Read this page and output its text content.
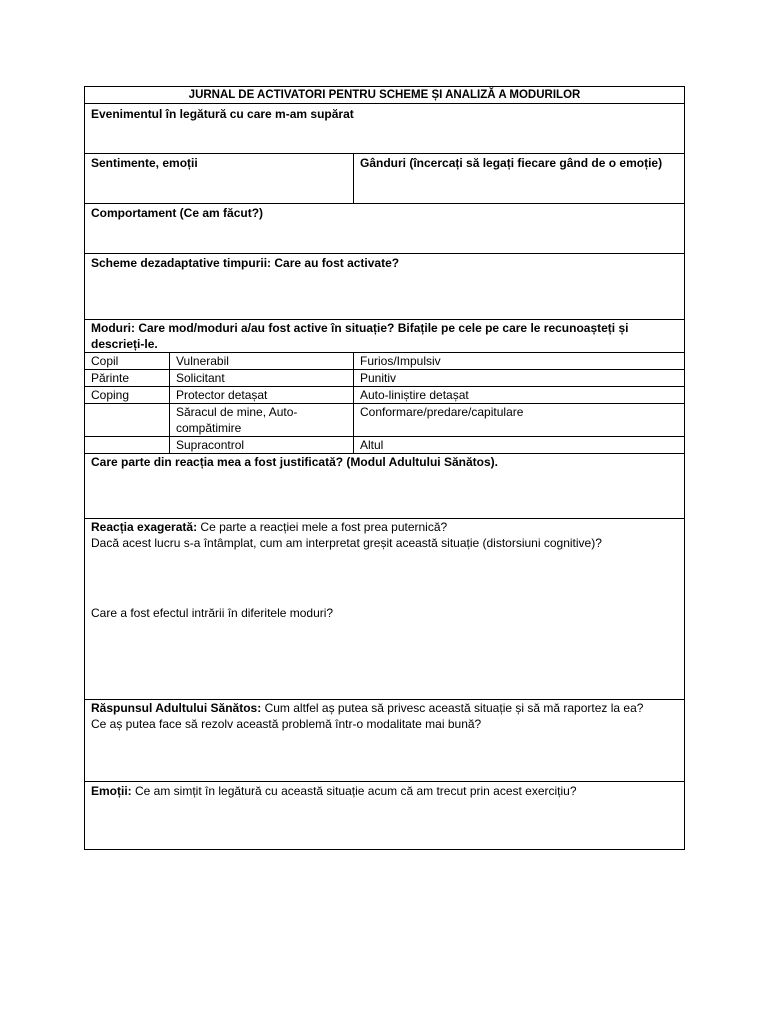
JURNAL DE ACTIVATORI PENTRU SCHEME ȘI ANALIZĂ A MODURILOR		
Evenimentul în legătură cu care m-am supărat		
Sentimente, emoții		Gânduri (încercați să legați fiecare gând de o emoție)
Comportament (Ce am făcut?)		
Scheme dezadaptative timpurii: Care au fost activate?		
Moduri: Care mod/moduri a/au fost active în situație? Bifațile pe cele pe care le recunoașteți și descrieți-le.		
Copil	Vulnerabil	Furios/Impulsiv
Părinte	Solicitant	Punitiv
Coping	Protector detașat	Auto-liniștire detașat
	Săracul de mine, Auto-compătimire	Conformare/predare/capitulare
	Supracontrol	Altul
Care parte din reacția mea a fost justificată? (Modul Adultului Sănătos).		

Reacția exagerată: Ce parte a reacției mele a fost prea puternică?
Dacă acest lucru s-a întâmplat, cum am interpretat greșit această situație (distorsiuni cognitive)?
Care a fost efectul intrării în diferitele moduri?		

Răspunsul Adultului Sănătos: Cum altfel aș putea să privesc această situație și să mă raportez la ea?
Ce aș putea face să rezolv această problemă într-o modalitate mai bună?		

Emoții: Ce am simțit în legătură cu această situație acum că am trecut prin acest exercițiu?		
